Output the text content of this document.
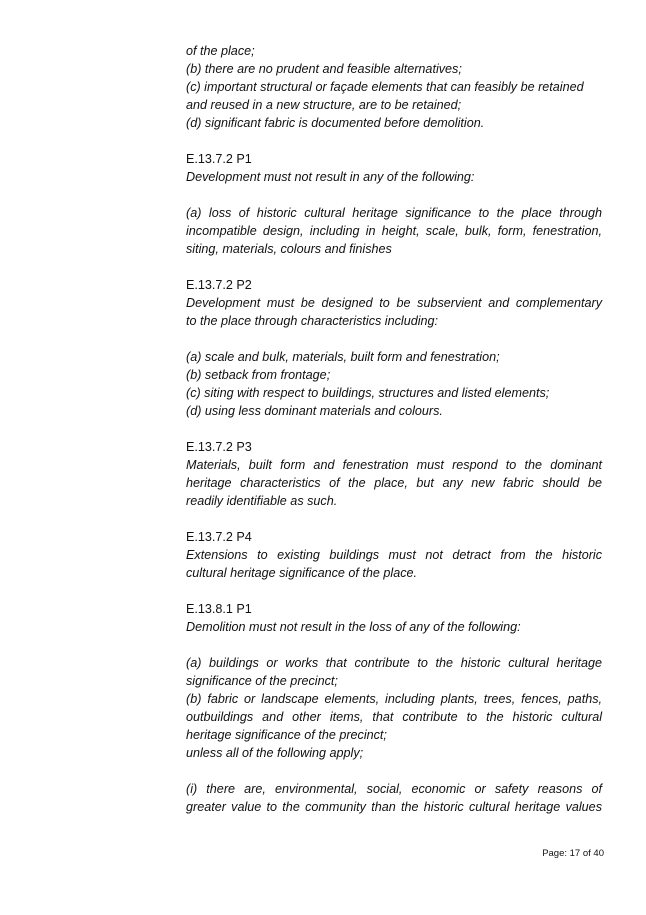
of the place;
(b) there are no prudent and feasible alternatives;
(c) important structural or façade elements that can feasibly be retained
and reused in a new structure, are to be retained;
(d) significant fabric is documented before demolition.
E.13.7.2 P1
Development must not result in any of the following:
(a) loss of historic cultural heritage significance to the place through
incompatible design, including in height, scale, bulk, form, fenestration,
siting, materials, colours and finishes
E.13.7.2 P2
Development must be designed to be subservient and complementary
to the place through characteristics including:
(a) scale and bulk, materials, built form and fenestration;
(b) setback from frontage;
(c) siting with respect to buildings, structures and listed elements;
(d) using less dominant materials and colours.
E.13.7.2 P3
Materials, built form and fenestration must respond to the dominant
heritage characteristics of the place, but any new fabric should be
readily identifiable as such.
E.13.7.2 P4
Extensions to existing buildings must not detract from the historic
cultural heritage significance of the place.
E.13.8.1 P1
Demolition must not result in the loss of any of the following:
(a) buildings or works that contribute to the historic cultural heritage
significance of the precinct;
(b) fabric or landscape elements, including plants, trees, fences, paths,
outbuildings and other items, that contribute to the historic cultural
heritage significance of the precinct;
unless all of the following apply;
(i) there are, environmental, social, economic or safety reasons of
greater value to the community than the historic cultural heritage values
Page: 17 of 40
